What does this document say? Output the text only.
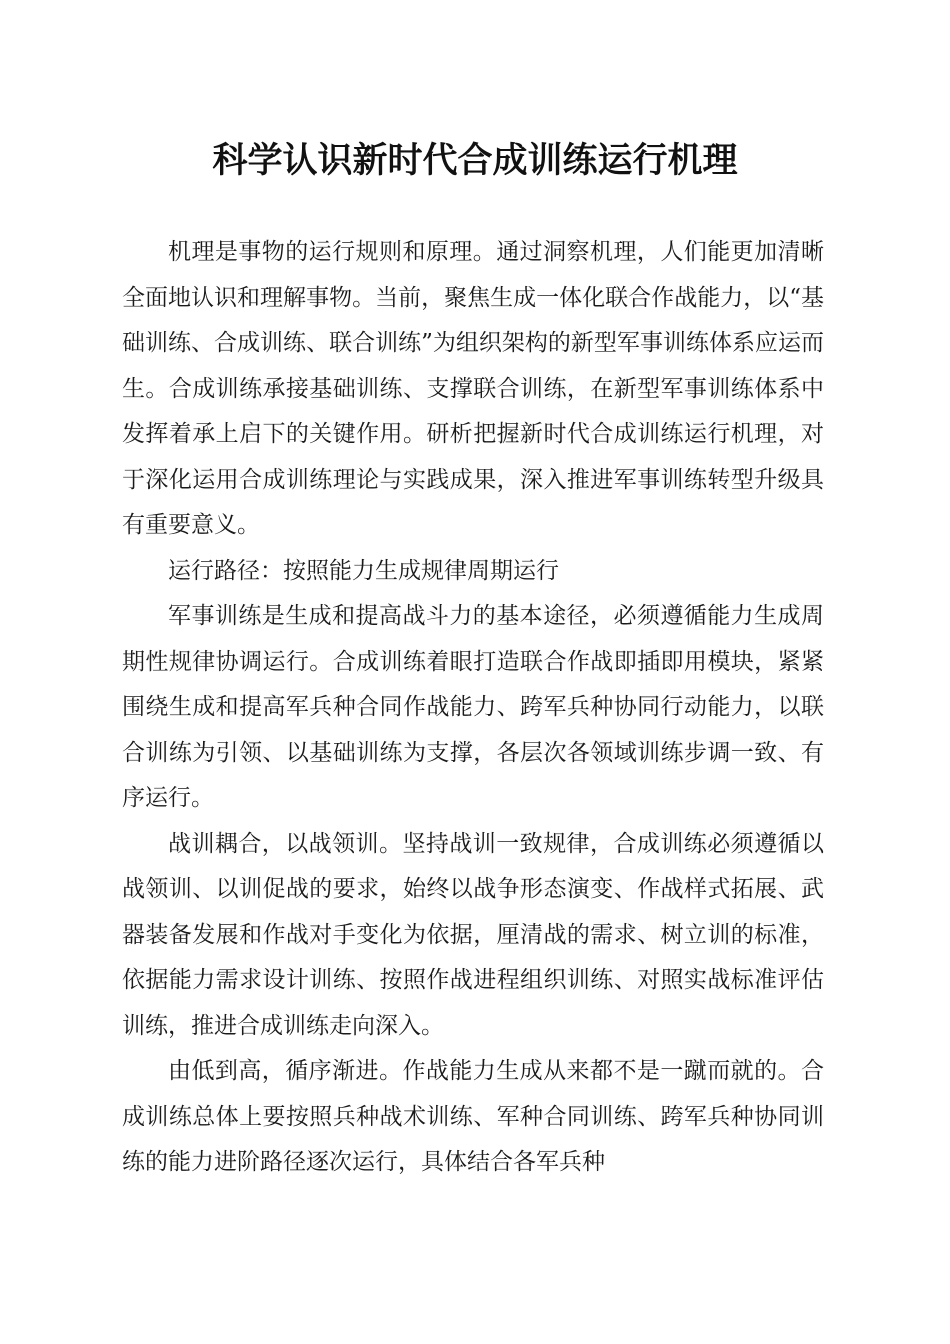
科学认识新时代合成训练运行机理

机理是事物的运行规则和原理。通过洞察机理，人们能更加清晰全面地认识和理解事物。当前，聚焦生成一体化联合作战能力，以“基础训练、合成训练、联合训练”为组织架构的新型军事训练体系应运而生。合成训练承接基础训练、支撑联合训练，在新型军事训练体系中发挥着承上启下的关键作用。研析把握新时代合成训练运行机理，对于深化运用合成训练理论与实践成果，深入推进军事训练转型升级具有重要意义。

运行路径：按照能力生成规律周期运行

军事训练是生成和提高战斗力的基本途径，必须遵循能力生成周期性规律协调运行。合成训练着眼打造联合作战即插即用模块，紧紧围绕生成和提高军兵种合同作战能力、跨军兵种协同行动能力，以联合训练为引领、以基础训练为支撑，各层次各领域训练步调一致、有序运行。

战训耦合，以战领训。坚持战训一致规律，合成训练必须遵循以战领训、以训促战的要求，始终以战争形态演变、作战样式拓展、武器装备发展和作战对手变化为依据，厘清战的需求、树立训的标准，依据能力需求设计训练、按照作战进程组织训练、对照实战标准评估训练，推进合成训练走向深入。

由低到高，循序渐进。作战能力生成从来都不是一蹴而就的。合成训练总体上要按照兵种战术训练、军种合同训练、跨军兵种协同训练的能力进阶路径逐次运行，具体结合各军兵种
